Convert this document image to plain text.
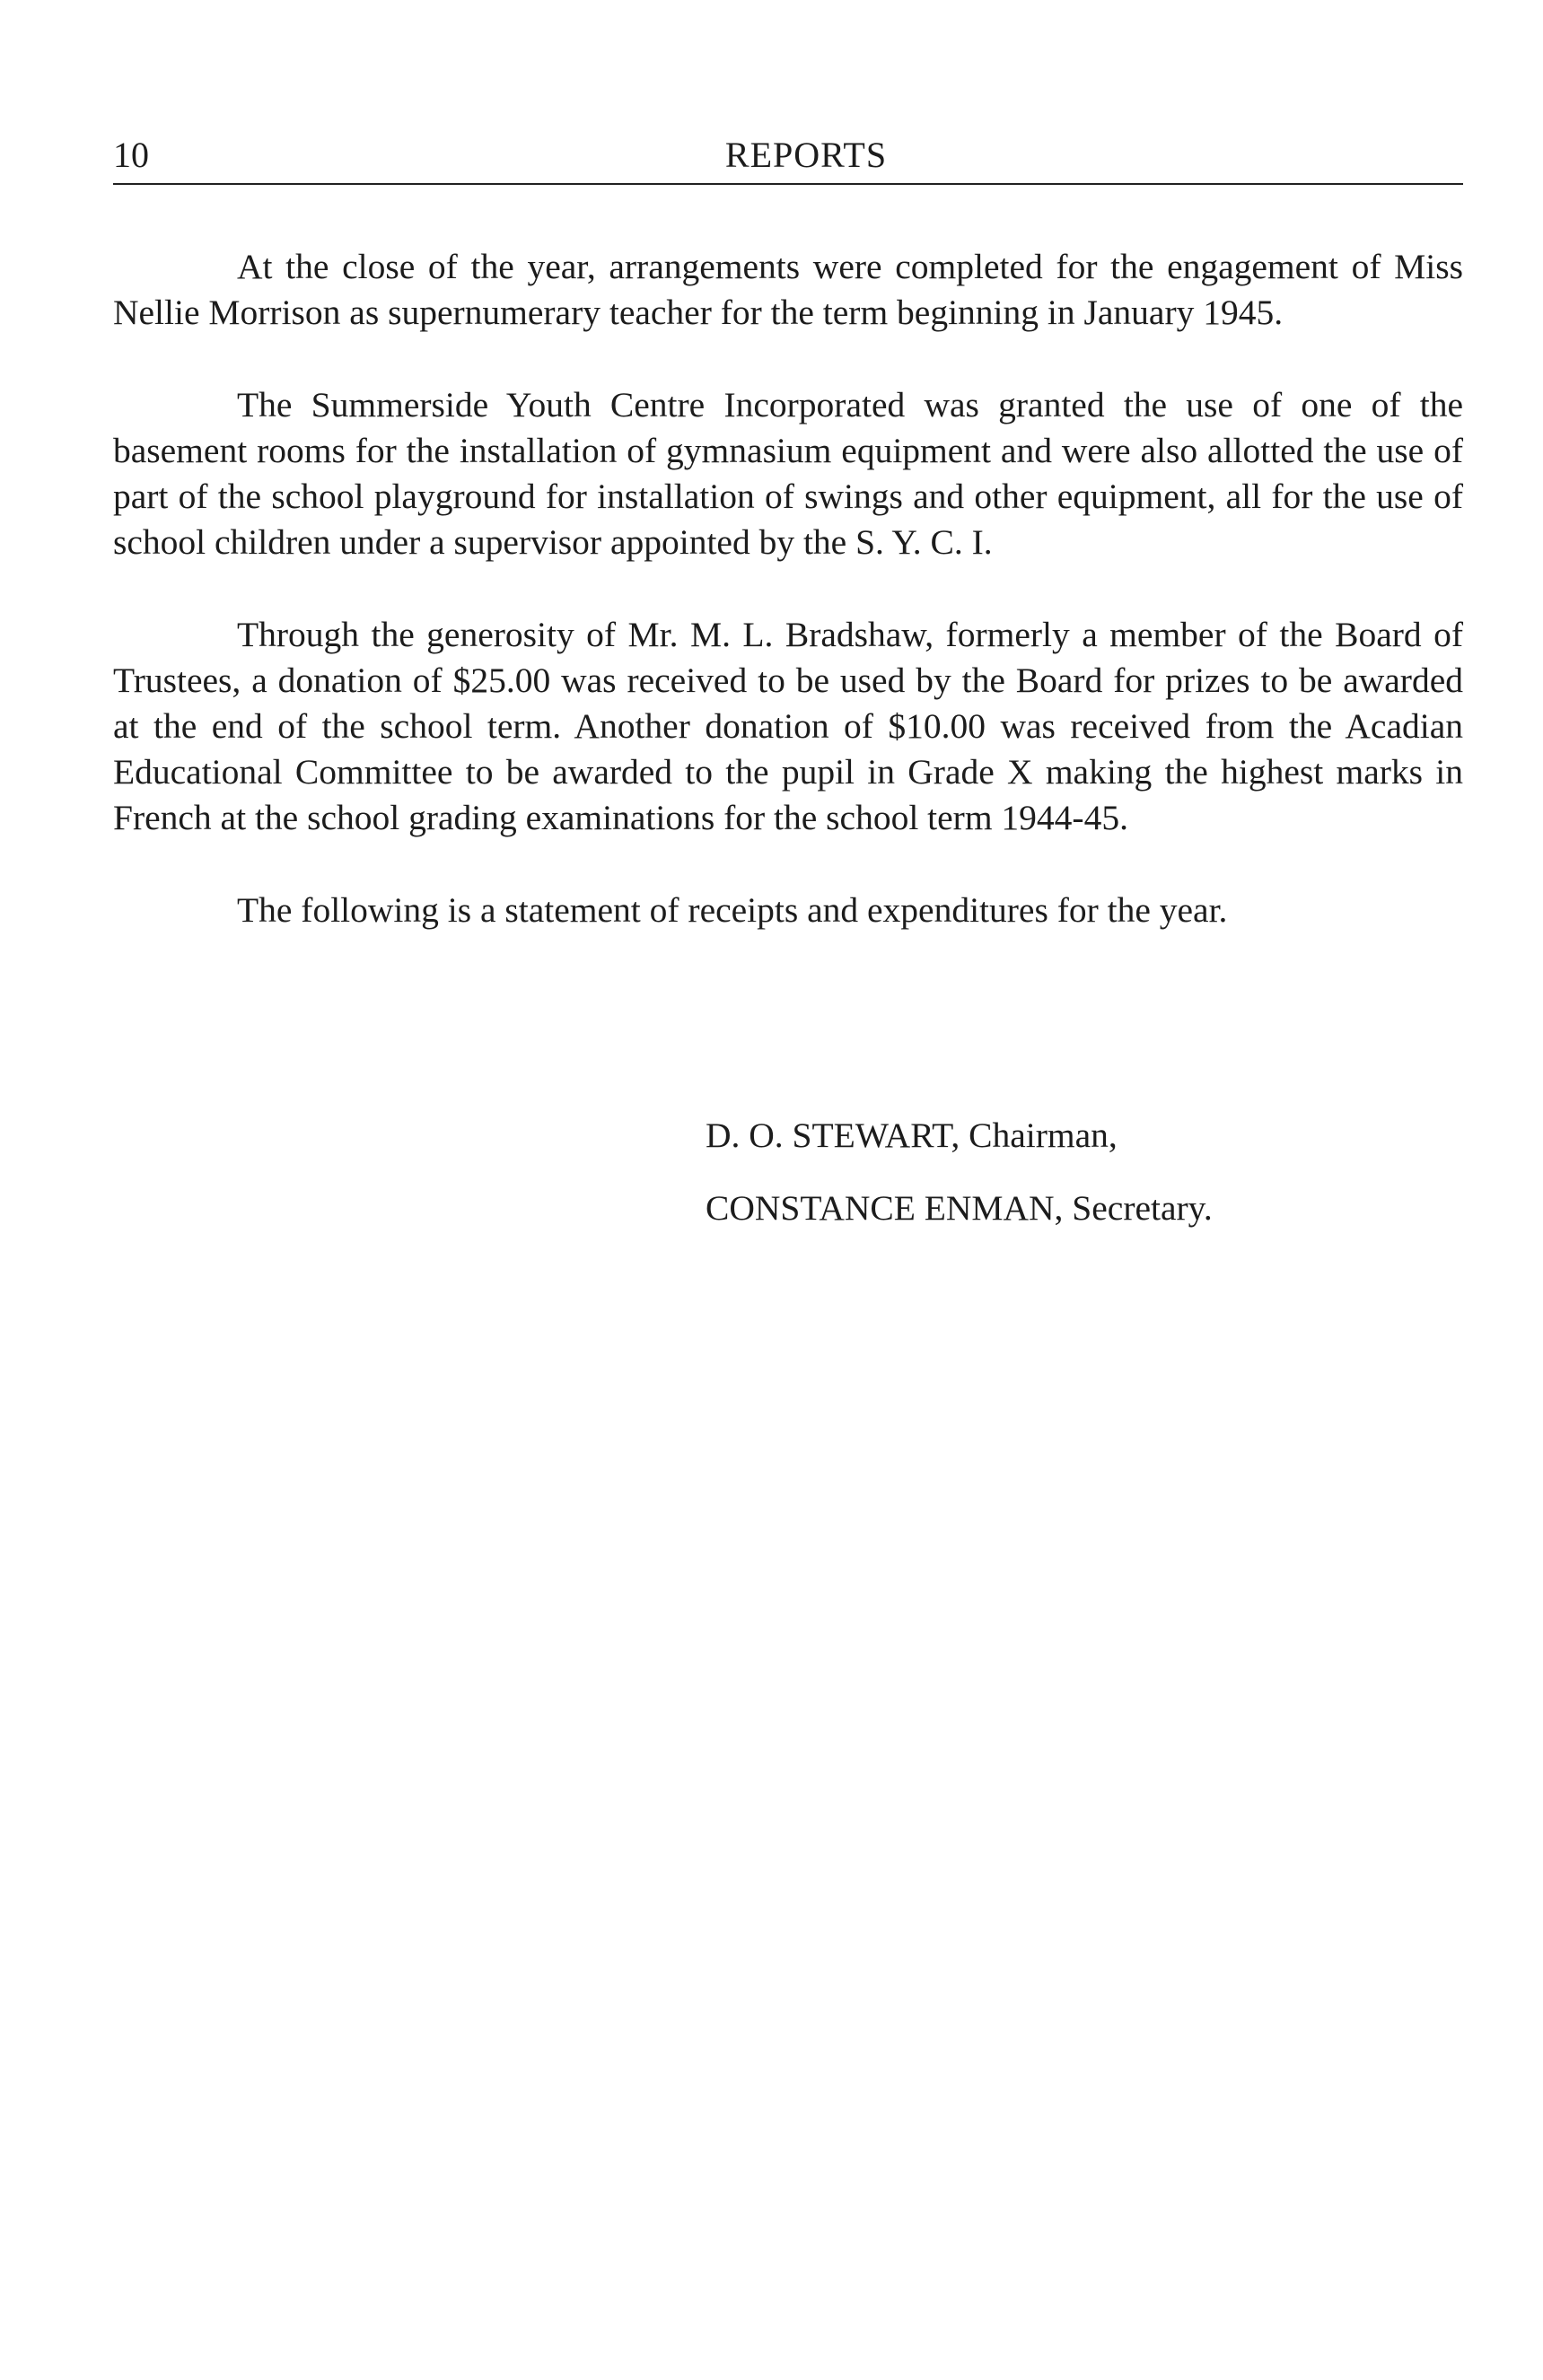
10	REPORTS

At the close of the year, arrangements were completed for the engagement of Miss Nellie Morrison as supernumerary teacher for the term beginning in January 1945.

The Summerside Youth Centre Incorporated was granted the use of one of the basement rooms for the installation of gymnasium equipment and were also allotted the use of part of the school playground for installation of swings and other equipment, all for the use of school children under a supervisor appointed by the S. Y. C. I.

Through the generosity of Mr. M. L. Bradshaw, formerly a member of the Board of Trustees, a donation of $25.00 was received to be used by the Board for prizes to be awarded at the end of the school term. Another donation of $10.00 was received from the Acadian Educational Committee to be awarded to the pupil in Grade X making the highest marks in French at the school grading examinations for the school term 1944-45.

The following is a statement of receipts and expenditures for the year.

D. O. STEWART, Chairman,
CONSTANCE ENMAN, Secretary.
